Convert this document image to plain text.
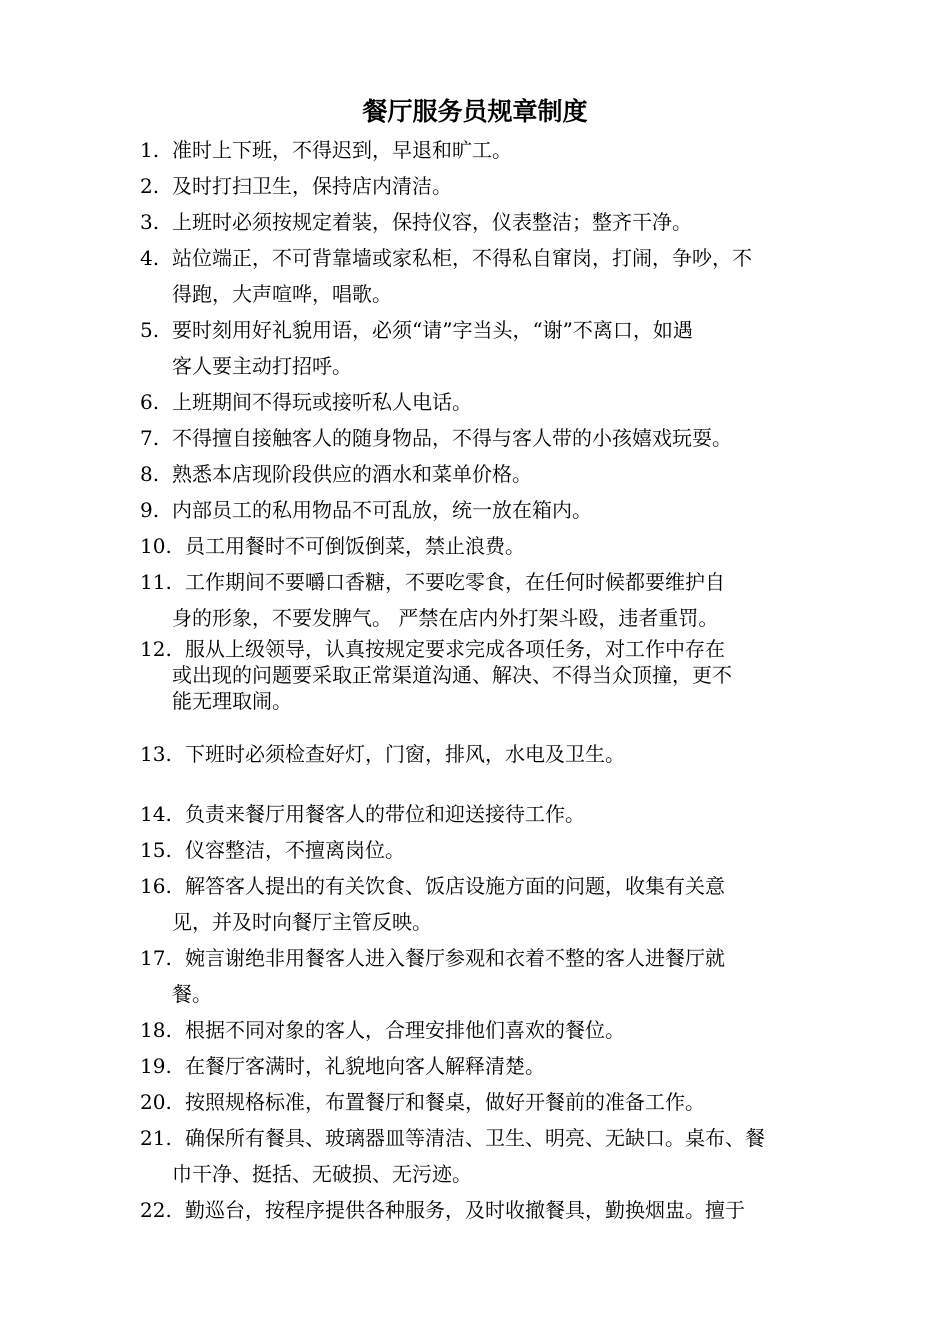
餐厅服务员规章制度
1. 准时上下班，不得迟到，早退和旷工。
2. 及时打扫卫生，保持店内清洁。
3. 上班时必须按规定着装，保持仪容，仪表整洁；整齐干净。
4. 站位端正，不可背靠墙或家私柜，不得私自窜岗，打闹，争吵，不
得跑，大声喧哗，唱歌。
5. 要时刻用好礼貌用语，必须“请”字当头，“谢”不离口，如遇
客人要主动打招呼。
6. 上班期间不得玩或接听私人电话。
7. 不得擅自接触客人的随身物品，不得与客人带的小孩嬉戏玩耍。
8. 熟悉本店现阶段供应的酒水和菜单价格。
9. 内部员工的私用物品不可乱放，统一放在箱内。
10. 员工用餐时不可倒饭倒菜，禁止浪费。
11. 工作期间不要嚼口香糖，不要吃零食，在任何时候都要维护自
身的形象，不要发脾气。 严禁在店内外打架斗殴，违者重罚。
12. 服从上级领导，认真按规定要求完成各项任务，对工作中存在
或出现的问题要采取正常渠道沟通、解决、不得当众顶撞，更不
能无理取闹。
13. 下班时必须检查好灯，门窗，排风，水电及卫生。
14. 负责来餐厅用餐客人的带位和迎送接待工作。
15. 仪容整洁，不擅离岗位。
16. 解答客人提出的有关饮食、饭店设施方面的问题，收集有关意
见，并及时向餐厅主管反映。
17. 婉言谢绝非用餐客人进入餐厅参观和衣着不整的客人进餐厅就
餐。
18. 根据不同对象的客人，合理安排他们喜欢的餐位。
19. 在餐厅客满时，礼貌地向客人解释清楚。
20. 按照规格标准，布置餐厅和餐桌，做好开餐前的准备工作。
21. 确保所有餐具、玻璃器皿等清洁、卫生、明亮、无缺口。桌布、餐
巾干净、挺括、无破损、无污迹。
22. 勤巡台，按程序提供各种服务，及时收撤餐具，勤换烟盅。擅于
